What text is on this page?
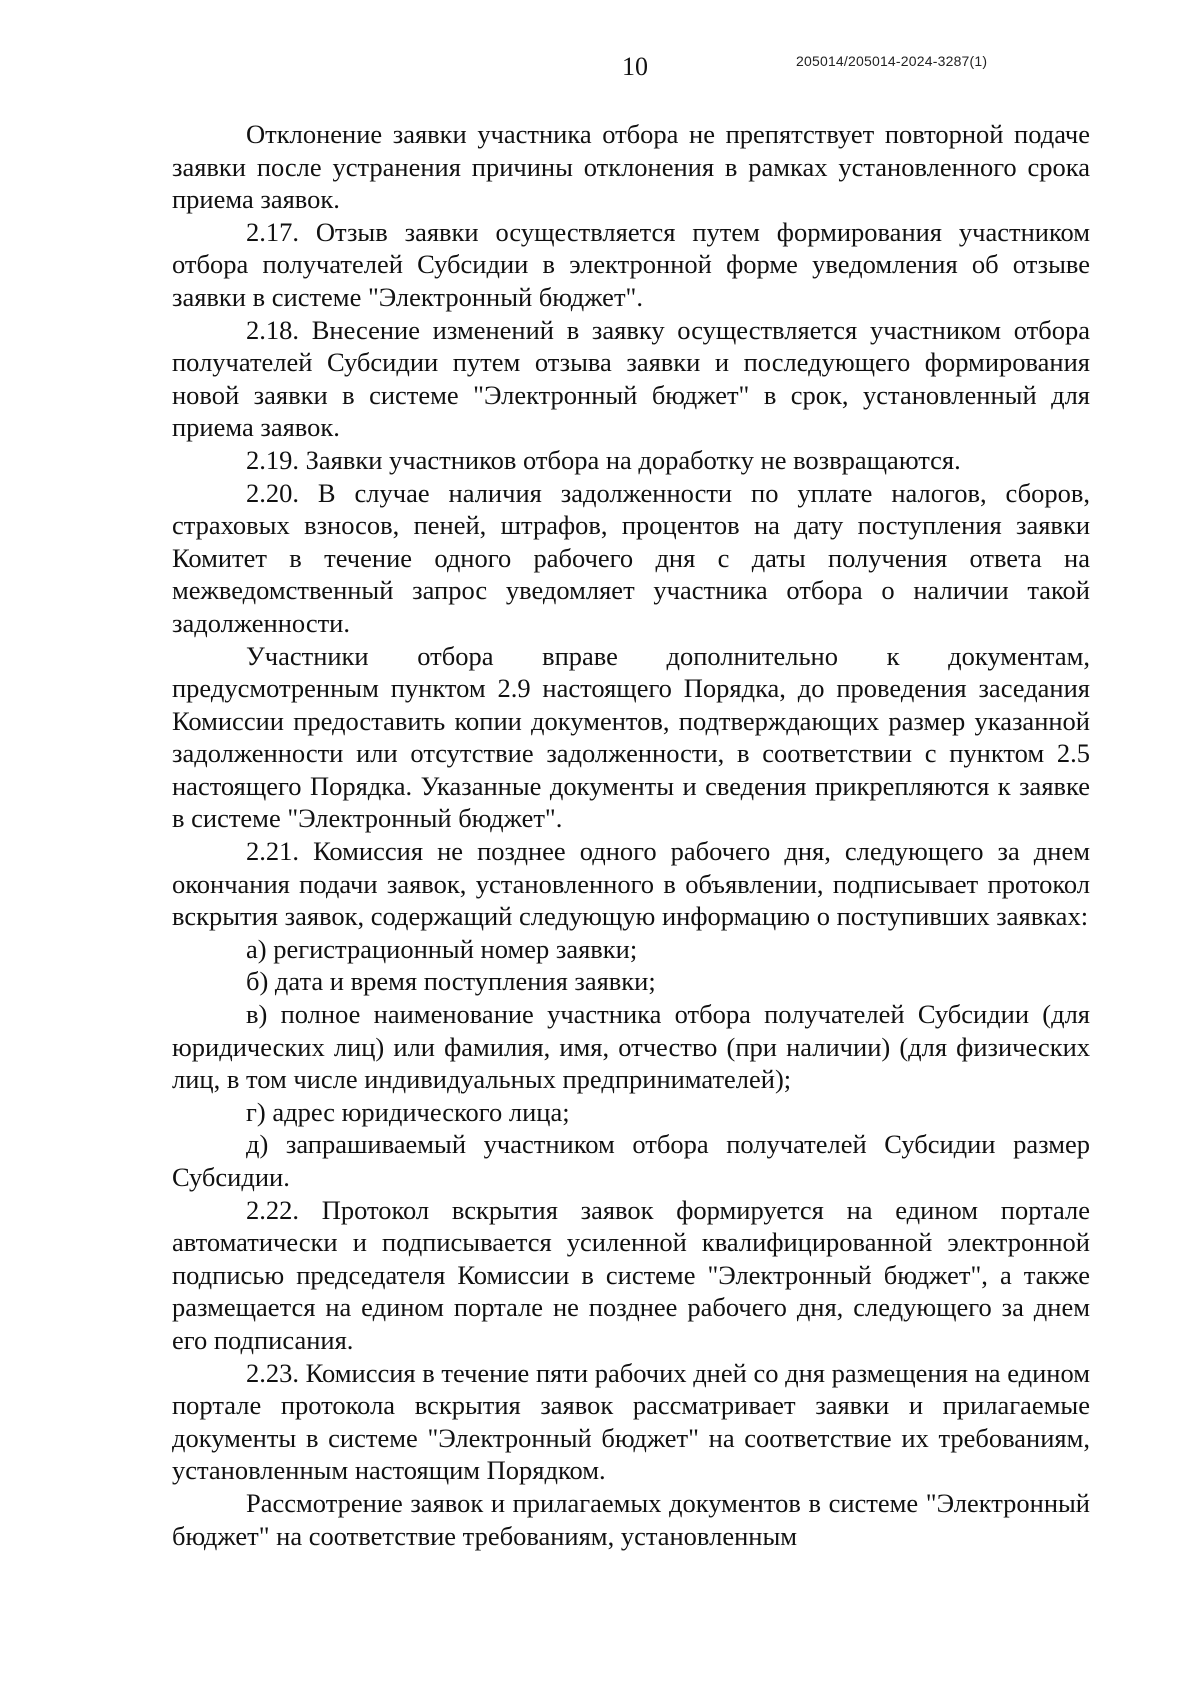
10	205014/205014-2024-3287(1)

Отклонение заявки участника отбора не препятствует повторной подаче заявки после устранения причины отклонения в рамках установленного срока приема заявок.

2.17. Отзыв заявки осуществляется путем формирования участником отбора получателей Субсидии в электронной форме уведомления об отзыве заявки в системе "Электронный бюджет".

2.18. Внесение изменений в заявку осуществляется участником отбора получателей Субсидии путем отзыва заявки и последующего формирования новой заявки в системе "Электронный бюджет" в срок, установленный для приема заявок.

2.19. Заявки участников отбора на доработку не возвращаются.

2.20. В случае наличия задолженности по уплате налогов, сборов, страховых взносов, пеней, штрафов, процентов на дату поступления заявки Комитет в течение одного рабочего дня с даты получения ответа на межведомственный запрос уведомляет участника отбора о наличии такой задолженности.

Участники отбора вправе дополнительно к документам, предусмотренным пунктом 2.9 настоящего Порядка, до проведения заседания Комиссии предоставить копии документов, подтверждающих размер указанной задолженности или отсутствие задолженности, в соответствии с пунктом 2.5 настоящего Порядка. Указанные документы и сведения прикрепляются к заявке в системе "Электронный бюджет".

2.21. Комиссия не позднее одного рабочего дня, следующего за днем окончания подачи заявок, установленного в объявлении, подписывает протокол вскрытия заявок, содержащий следующую информацию о поступивших заявках:

а) регистрационный номер заявки;

б) дата и время поступления заявки;

в) полное наименование участника отбора получателей Субсидии (для юридических лиц) или фамилия, имя, отчество (при наличии) (для физических лиц, в том числе индивидуальных предпринимателей);

г) адрес юридического лица;

д) запрашиваемый участником отбора получателей Субсидии размер Субсидии.

2.22. Протокол вскрытия заявок формируется на едином портале автоматически и подписывается усиленной квалифицированной электронной подписью председателя Комиссии в системе "Электронный бюджет", а также размещается на едином портале не позднее рабочего дня, следующего за днем его подписания.

2.23. Комиссия в течение пяти рабочих дней со дня размещения на едином портале протокола вскрытия заявок рассматривает заявки и прилагаемые документы в системе "Электронный бюджет" на соответствие их требованиям, установленным настоящим Порядком.

Рассмотрение заявок и прилагаемых документов в системе "Электронный бюджет" на соответствие требованиям, установленным
